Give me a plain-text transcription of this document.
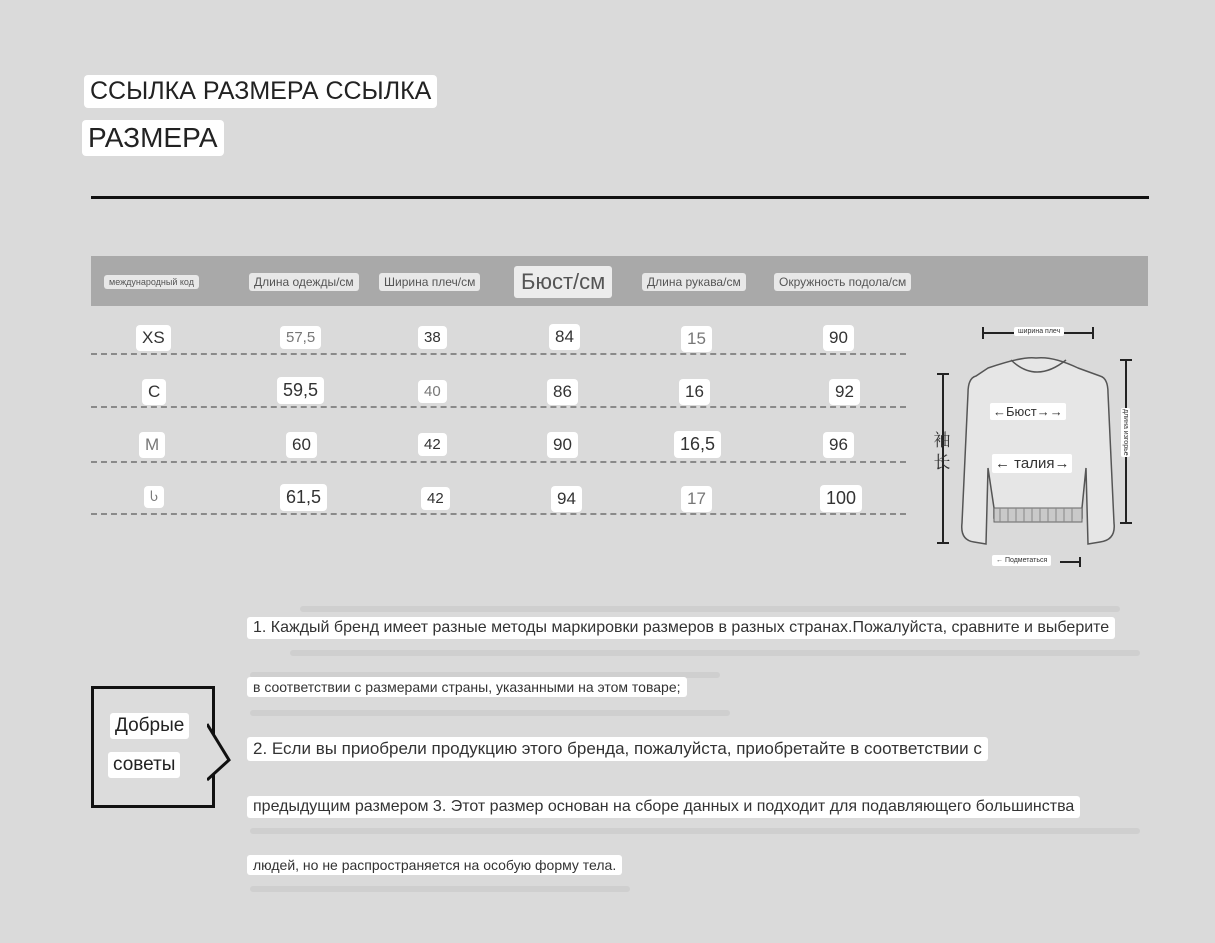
ССЫЛКА РАЗМЕРА ССЫЛКА
РАЗМЕРА
международный код	Длина одежды/см	Ширина плеч/см	Бюст/см	Длина рукава/см	Окружность подола/см
XS	57,5	38	84	15	90
С	59,5	40	86	16	92
М	60	42	90	16,5	96
Ⴑ	61,5	42	94	17	100
ширина плеч
←Бюст→→
← талия→
袖长
длина изгорье
← Подметаться
Добрые
советы
1. Каждый бренд имеет разные методы маркировки размеров в разных странах.Пожалуйста, сравните и выберите
в соответствии с размерами страны, указанными на этом товаре;
2. Если вы приобрели продукцию этого бренда, пожалуйста, приобретайте в соответствии с
предыдущим размером 3. Этот размер основан на сборе данных и подходит для подавляющего большинства
людей, но не распространяется на особую форму тела.
